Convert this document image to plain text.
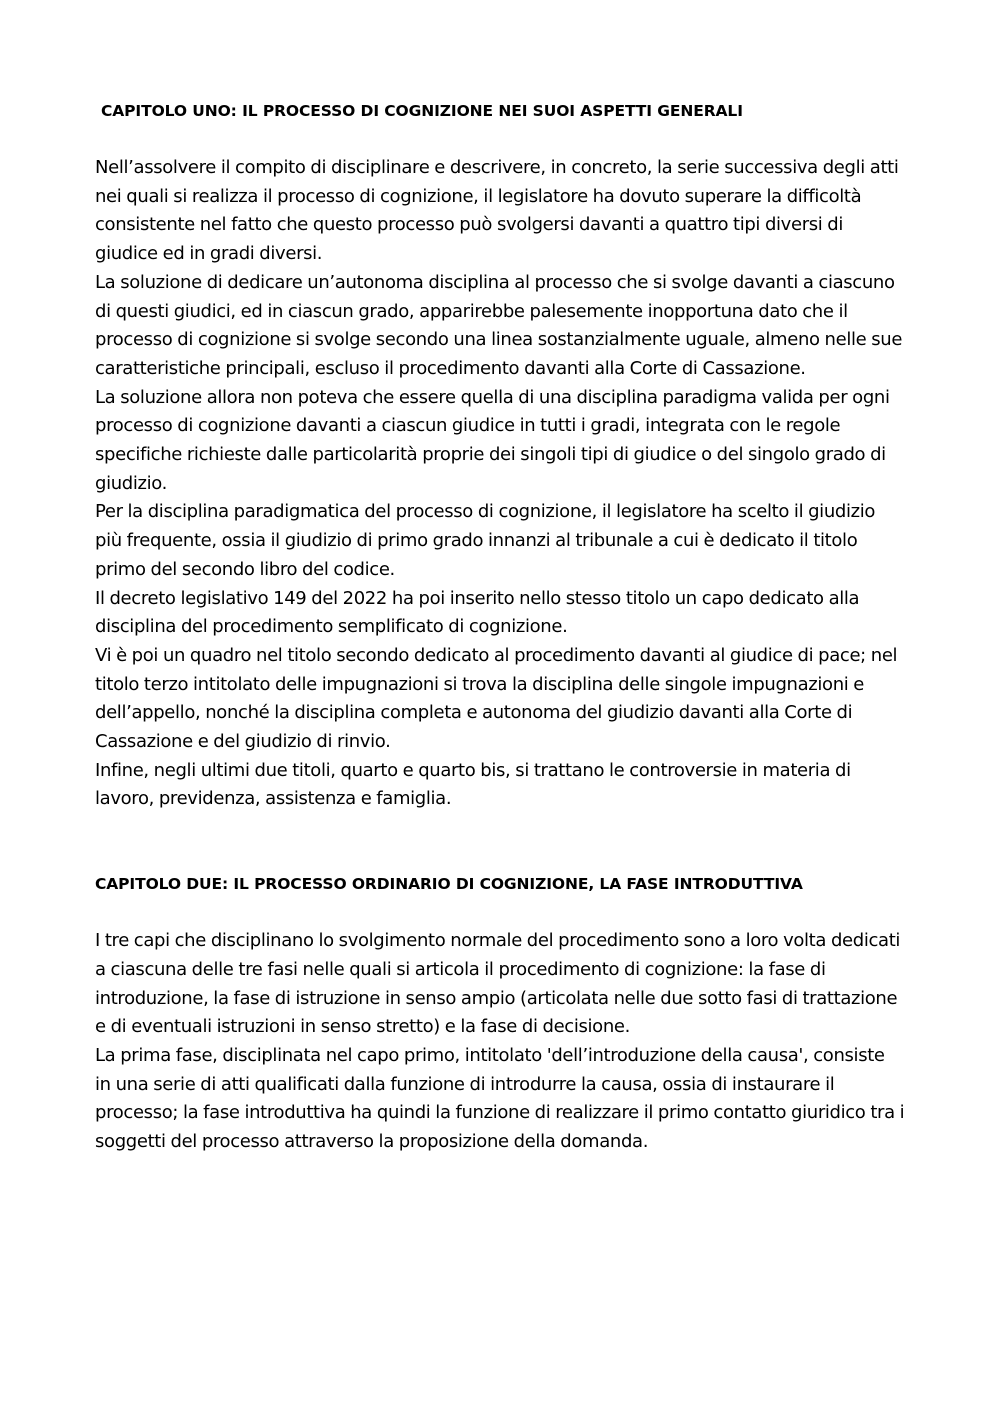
CAPITOLO UNO: IL PROCESSO DI COGNIZIONE NEI SUOI ASPETTI GENERALI

Nell’assolvere il compito di disciplinare e descrivere, in concreto, la serie successiva degli atti nei quali si realizza il processo di cognizione, il legislatore ha dovuto superare la difficoltà consistente nel fatto che questo processo può svolgersi davanti a quattro tipi diversi di giudice ed in gradi diversi.

La soluzione di dedicare un’autonoma disciplina al processo che si svolge davanti a ciascuno di questi giudici, ed in ciascun grado, apparirebbe palesemente inopportuna dato che il processo di cognizione si svolge secondo una linea sostanzialmente uguale, almeno nelle sue caratteristiche principali, escluso il procedimento davanti alla Corte di Cassazione.

La soluzione allora non poteva che essere quella di una disciplina paradigma valida per ogni processo di cognizione davanti a ciascun giudice in tutti i gradi, integrata con le regole specifiche richieste dalle particolarità proprie dei singoli tipi di giudice o del singolo grado di giudizio.

Per la disciplina paradigmatica del processo di cognizione, il legislatore ha scelto il giudizio più frequente, ossia il giudizio di primo grado innanzi al tribunale a cui è dedicato il titolo primo del secondo libro del codice.

Il decreto legislativo 149 del 2022 ha poi inserito nello stesso titolo un capo dedicato alla disciplina del procedimento semplificato di cognizione.

Vi è poi un quadro nel titolo secondo dedicato al procedimento davanti al giudice di pace; nel titolo terzo intitolato delle impugnazioni si trova la disciplina delle singole impugnazioni e dell’appello, nonché la disciplina completa e autonoma del giudizio davanti alla Corte di Cassazione e del giudizio di rinvio.

Infine, negli ultimi due titoli, quarto e quarto bis, si trattano le controversie in materia di lavoro, previdenza, assistenza e famiglia.

CAPITOLO DUE: IL PROCESSO ORDINARIO DI COGNIZIONE, LA FASE INTRODUTTIVA

I tre capi che disciplinano lo svolgimento normale del procedimento sono a loro volta dedicati a ciascuna delle tre fasi nelle quali si articola il procedimento di cognizione: la fase di introduzione, la fase di istruzione in senso ampio (articolata nelle due sotto fasi di trattazione e di eventuali istruzioni in senso stretto) e la fase di decisione.

La prima fase, disciplinata nel capo primo, intitolato 'dell’introduzione della causa', consiste in una serie di atti qualificati dalla funzione di introdurre la causa, ossia di instaurare il processo; la fase introduttiva ha quindi la funzione di realizzare il primo contatto giuridico tra i soggetti del processo attraverso la proposizione della domanda.
